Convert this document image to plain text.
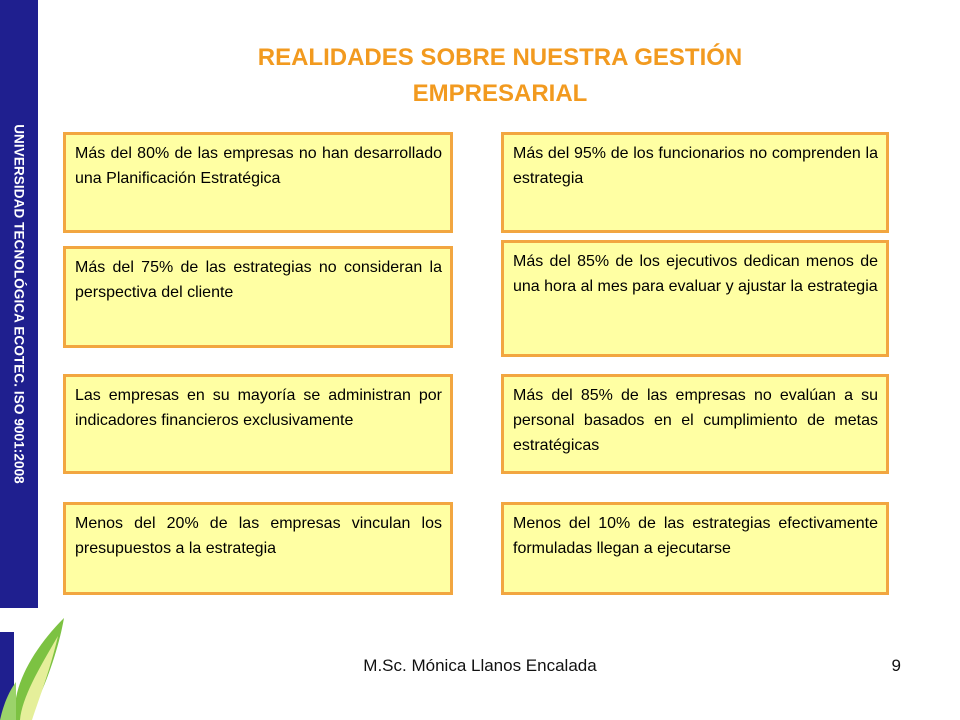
UNIVERSIDAD TECNOLÓGICA ECOTEC. ISO 9001:2008
REALIDADES SOBRE NUESTRA GESTIÓN
EMPRESARIAL
Más del 80% de las empresas no han desarrollado una Planificación Estratégica
Más del 75% de las estrategias no consideran la perspectiva del cliente
Las empresas en su mayoría se administran por indicadores financieros exclusivamente
Menos del 20% de las empresas vinculan los presupuestos a la estrategia
Más del 95% de los funcionarios no comprenden la estrategia
Más del 85% de los ejecutivos dedican menos de una hora al mes para evaluar y ajustar la estrategia
Más del 85% de las empresas no evalúan a su personal basados en el cumplimiento de metas estratégicas
Menos del 10% de las estrategias efectivamente formuladas llegan a ejecutarse
M.Sc. Mónica Llanos Encalada	9
